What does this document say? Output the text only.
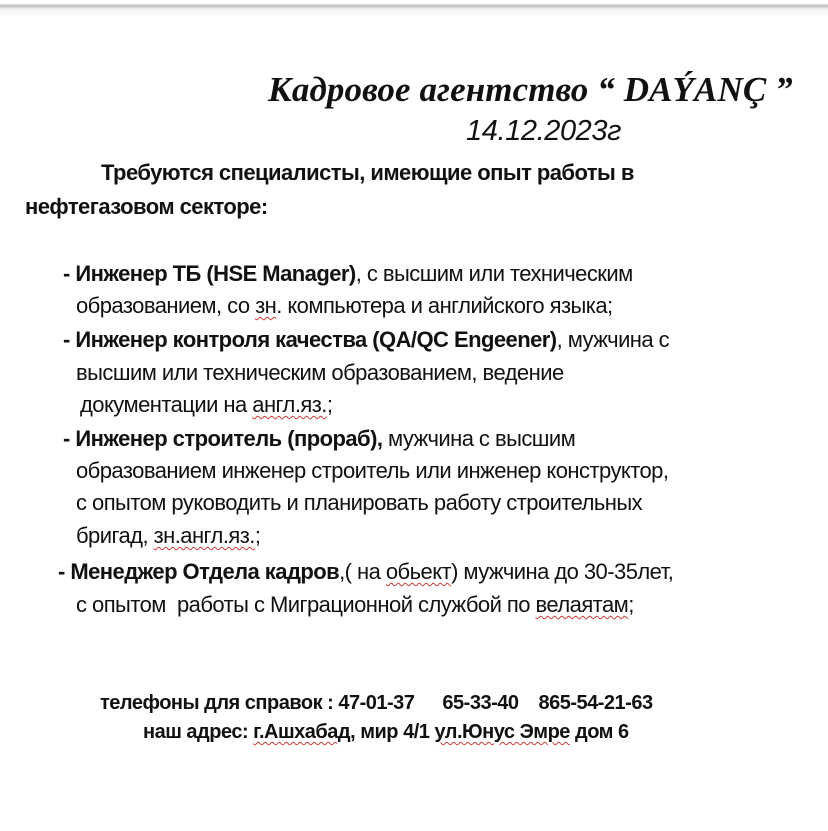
Кадровое агентство “ DAÝANÇ ”
14.12.2023г
Требуются специалисты, имеющие опыт работы в
нефтегазовом секторе:
- Инженер ТБ (HSE Manager), с высшим или техническим
образованием, со зн. компьютера и английского языка;
- Инженер контроля качества (QA/QC Engeener), мужчина с
высшим или техническим образованием, ведение
документации на англ.яз.;
- Инженер строитель (прораб), мужчина с высшим
образованием инженер строитель или инженер конструктор,
с опытом руководить и планировать работу строительных
бригад, зн.англ.яз.;
- Менеджер Отдела кадров,( на обьект) мужчина до 30-35лет,
с опытом  работы с Миграционной службой по велаятам;
телефоны для справок : 47-01-37 65-33-40 865-54-21-63
наш адрес: г.Ашхабад, мир 4/1 ул.Юнус Эмре дом 6
